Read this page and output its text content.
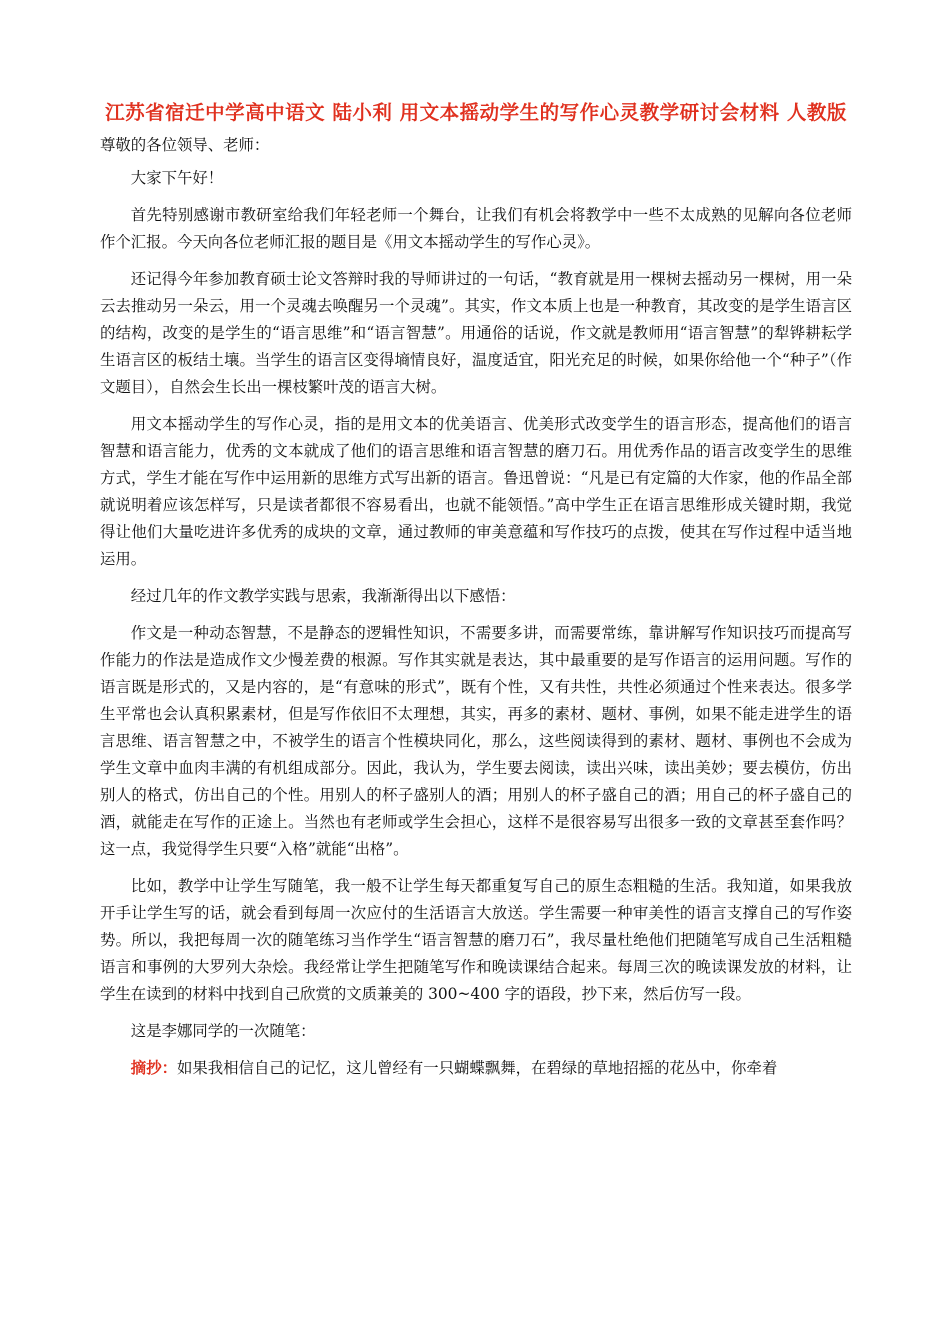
江苏省宿迁中学高中语文 陆小利 用文本摇动学生的写作心灵教学研讨会材料 人教版

尊敬的各位领导、老师：

大家下午好！

首先特别感谢市教研室给我们年轻老师一个舞台，让我们有机会将教学中一些不太成熟的见解向各位老师作个汇报。今天向各位老师汇报的题目是《用文本摇动学生的写作心灵》。

还记得今年参加教育硕士论文答辩时我的导师讲过的一句话，“教育就是用一棵树去摇动另一棵树，用一朵云去推动另一朵云，用一个灵魂去唤醒另一个灵魂”。其实，作文本质上也是一种教育，其改变的是学生语言区的结构，改变的是学生的“语言思维”和“语言智慧”。用通俗的话说，作文就是教师用“语言智慧”的犁铧耕耘学生语言区的板结土壤。当学生的语言区变得墒情良好，温度适宜，阳光充足的时候，如果你给他一个“种子”（作文题目），自然会生长出一棵枝繁叶茂的语言大树。

用文本摇动学生的写作心灵，指的是用文本的优美语言、优美形式改变学生的语言形态，提高他们的语言智慧和语言能力，优秀的文本就成了他们的语言思维和语言智慧的磨刀石。用优秀作品的语言改变学生的思维方式，学生才能在写作中运用新的思维方式写出新的语言。鲁迅曾说：“凡是已有定篇的大作家，他的作品全部就说明着应该怎样写，只是读者都很不容易看出，也就不能领悟。”高中学生正在语言思维形成关键时期，我觉得让他们大量吃进许多优秀的成块的文章，通过教师的审美意蕴和写作技巧的点拨，使其在写作过程中适当地运用。

经过几年的作文教学实践与思索，我渐渐得出以下感悟：

作文是一种动态智慧，不是静态的逻辑性知识，不需要多讲，而需要常练，靠讲解写作知识技巧而提高写作能力的作法是造成作文少慢差费的根源。写作其实就是表达，其中最重要的是写作语言的运用问题。写作的语言既是形式的，又是内容的，是“有意味的形式”，既有个性，又有共性，共性必须通过个性来表达。很多学生平常也会认真积累素材，但是写作依旧不太理想，其实，再多的素材、题材、事例，如果不能走进学生的语言思维、语言智慧之中，不被学生的语言个性模块同化，那么，这些阅读得到的素材、题材、事例也不会成为学生文章中血肉丰满的有机组成部分。因此，我认为，学生要去阅读，读出兴味，读出美妙；要去模仿，仿出别人的格式，仿出自己的个性。用别人的杯子盛别人的酒；用别人的杯子盛自己的酒；用自己的杯子盛自己的酒，就能走在写作的正途上。当然也有老师或学生会担心，这样不是很容易写出很多一致的文章甚至套作吗？这一点，我觉得学生只要“入格”就能“出格”。

比如，教学中让学生写随笔，我一般不让学生每天都重复写自己的原生态粗糙的生活。我知道，如果我放开手让学生写的话，就会看到每周一次应付的生活语言大放送。学生需要一种审美性的语言支撑自己的写作姿势。所以，我把每周一次的随笔练习当作学生“语言智慧的磨刀石”，我尽量杜绝他们把随笔写成自己生活粗糙语言和事例的大罗列大杂烩。我经常让学生把随笔写作和晚读课结合起来。每周三次的晚读课发放的材料，让学生在读到的材料中找到自己欣赏的文质兼美的 300~400 字的语段，抄下来，然后仿写一段。

这是李娜同学的一次随笔：

摘抄：如果我相信自己的记忆，这儿曾经有一只蝴蝶飘舞，在碧绿的草地招摇的花丛中，你牵着
